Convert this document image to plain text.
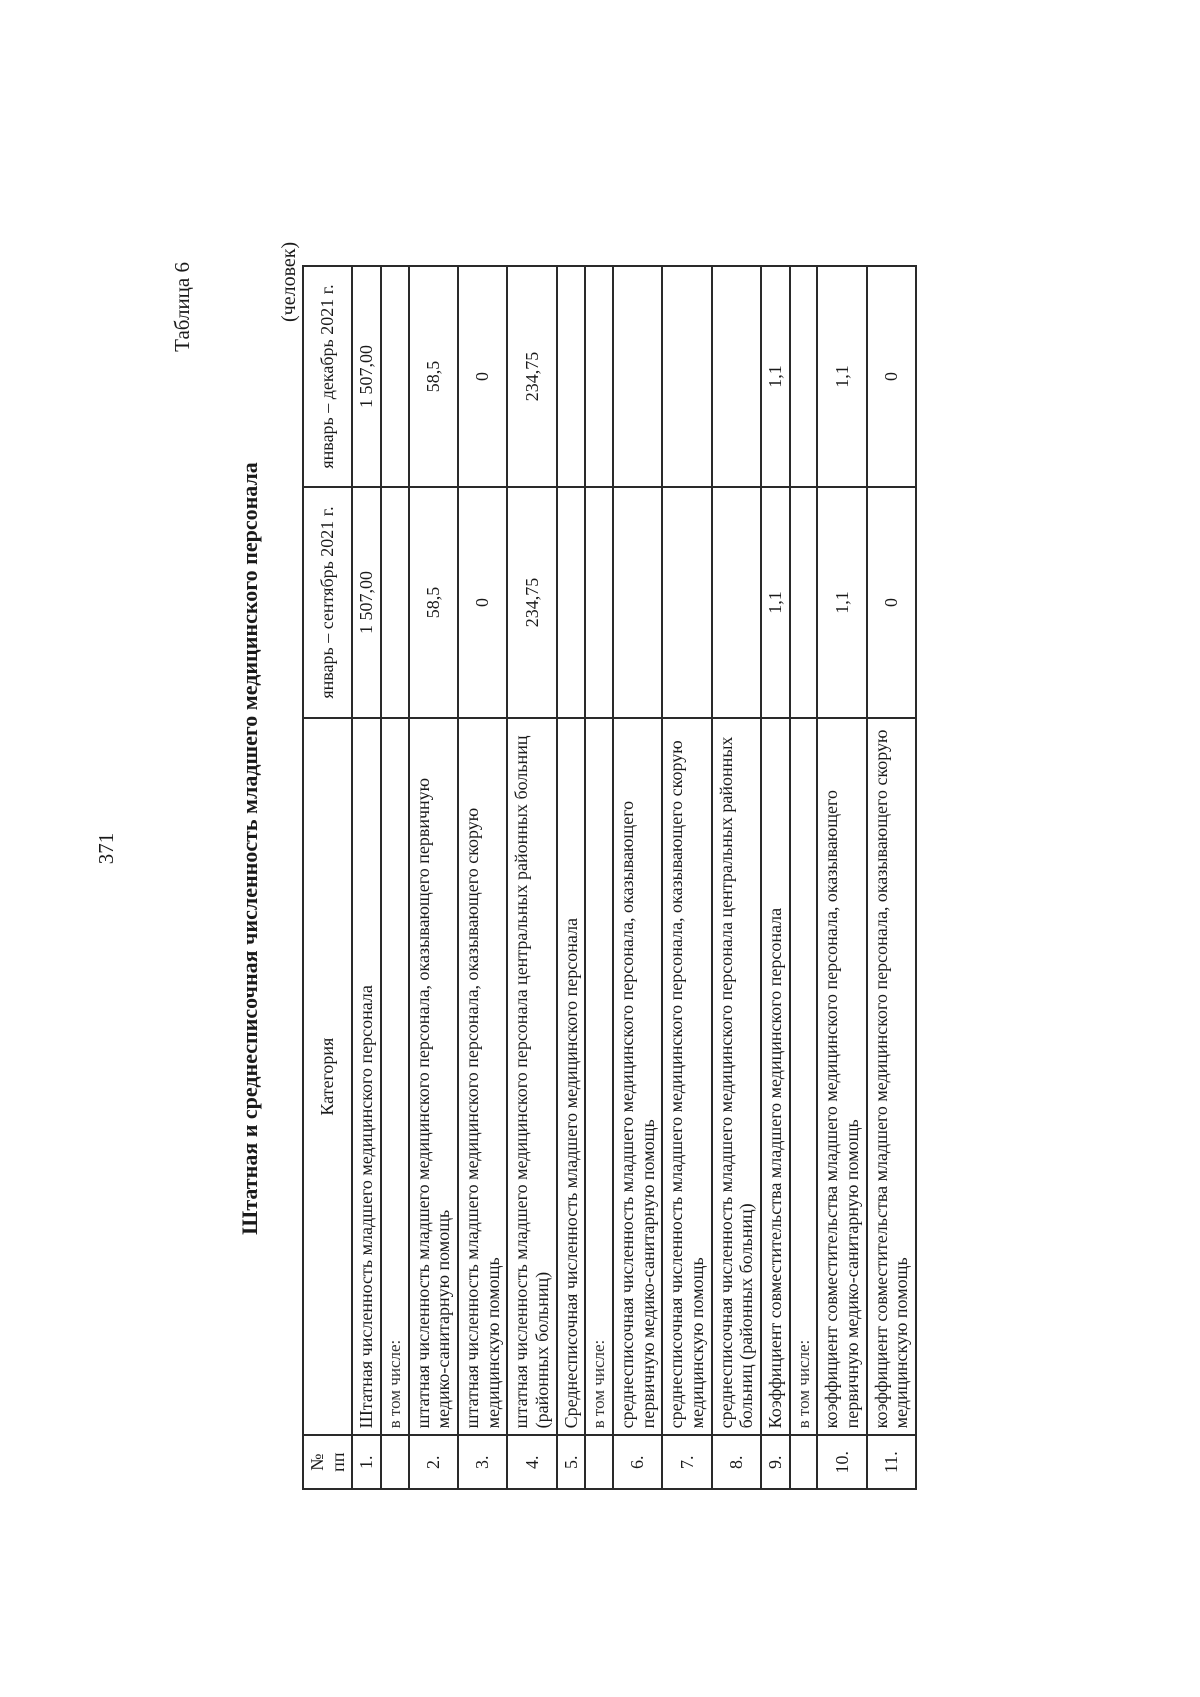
371
Таблица 6
Штатная и среднесписочная численность младшего медицинского персонала
(человек)
№ пп	Категория	январь – сентябрь 2021 г.	январь – декабрь 2021 г.
1.	Штатная численность младшего медицинского персонала	1 507,00	1 507,00
	в том числе:		
2.	штатная численность младшего медицинского персонала, оказывающего первичную медико-санитарную помощь	58,5	58,5
3.	штатная численность младшего медицинского персонала, оказывающего скорую медицинскую помощь	0	0
4.	штатная численность младшего медицинского персонала центральных районных больниц (районных больниц)	234,75	234,75
5.	Среднесписочная численность младшего медицинского персонала		
	в том числе:		
6.	среднесписочная численность младшего медицинского персонала, оказывающего первичную медико-санитарную помощь		
7.	среднесписочная численность младшего медицинского персонала, оказывающего скорую медицинскую помощь		
8.	среднесписочная численность младшего медицинского персонала центральных районных больниц (районных больниц)		
9.	Коэффициент совместительства младшего медицинского персонала	1,1	1,1
	в том числе:		
10.	коэффициент совместительства младшего медицинского персонала, оказывающего первичную медико-санитарную помощь	1,1	1,1
11.	коэффициент совместительства младшего медицинского персонала, оказывающего скорую медицинскую помощь	0	0
